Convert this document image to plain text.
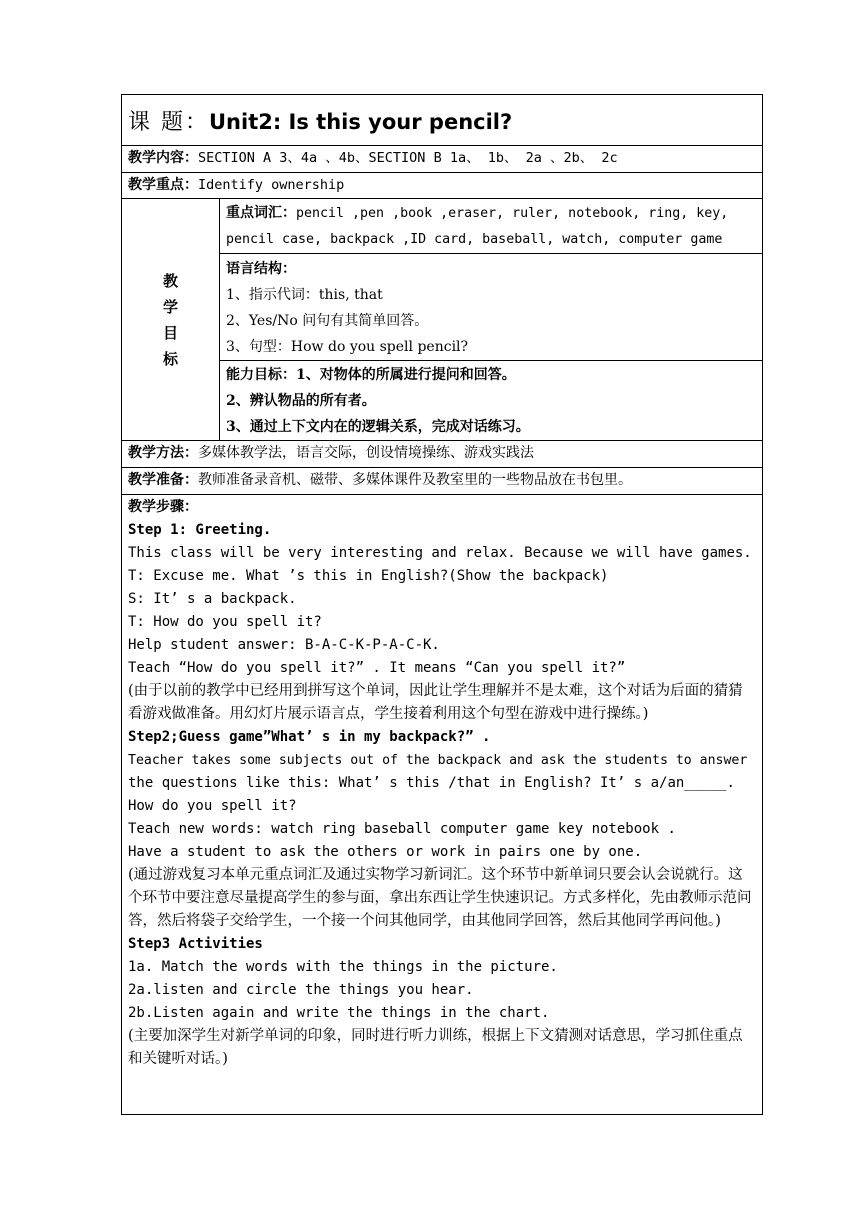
课 题：Unit2: Is this your pencil?
教学内容：SECTION A 3、4a 、4b、SECTION B 1a、 1b、 2a 、2b、 2c
教学重点：Identify ownership

教
学
目
标

重点词汇：pencil ,pen ,book ,eraser, ruler, notebook, ring, key,
pencil case, backpack ,ID card, baseball, watch, computer game

语言结构：
1、指示代词：this, that
2、Yes/No 问句有其简单回答。
3、句型：How do you spell pencil?

能力目标：1、对物体的所属进行提问和回答。
2、辨认物品的所有者。
3、通过上下文内在的逻辑关系，完成对话练习。

教学方法：多媒体教学法，语言交际，创设情境操练、游戏实践法
教学准备：教师准备录音机、磁带、多媒体课件及教室里的一些物品放在书包里。

教学步骤：
Step 1: Greeting.
This class will be very interesting and relax. Because we will have games.
T: Excuse me. What ’s this in English?(Show the backpack)
S: It’ s a backpack.
T: How do you spell it?
Help student answer: B-A-C-K-P-A-C-K.
Teach “How do you spell it?” . It means “Can you spell it?”
(由于以前的教学中已经用到拼写这个单词，因此让学生理解并不是太难，这个对话为后面的猜猜看游戏做准备。用幻灯片展示语言点，学生接着利用这个句型在游戏中进行操练。)
Step2;Guess game”What’ s in my backpack?” .
Teacher takes some subjects out of the backpack and ask the students to answer
the questions like this: What’ s this /that in English? It’ s a/an_____.
How do you spell it?
Teach new words: watch ring baseball computer game key notebook .
Have a student to ask the others or work in pairs one by one.
(通过游戏复习本单元重点词汇及通过实物学习新词汇。这个环节中新单词只要会认会说就行。这个环节中要注意尽量提高学生的参与面，拿出东西让学生快速识记。方式多样化，先由教师示范问答，然后将袋子交给学生，一个接一个问其他同学，由其他同学回答，然后其他同学再问他。)
Step3 Activities
1a. Match the words with the things in the picture.
2a.listen and circle the things you hear.
2b.Listen again and write the things in the chart.
(主要加深学生对新学单词的印象，同时进行听力训练，根据上下文猜测对话意思，学习抓住重点和关键听对话。)
